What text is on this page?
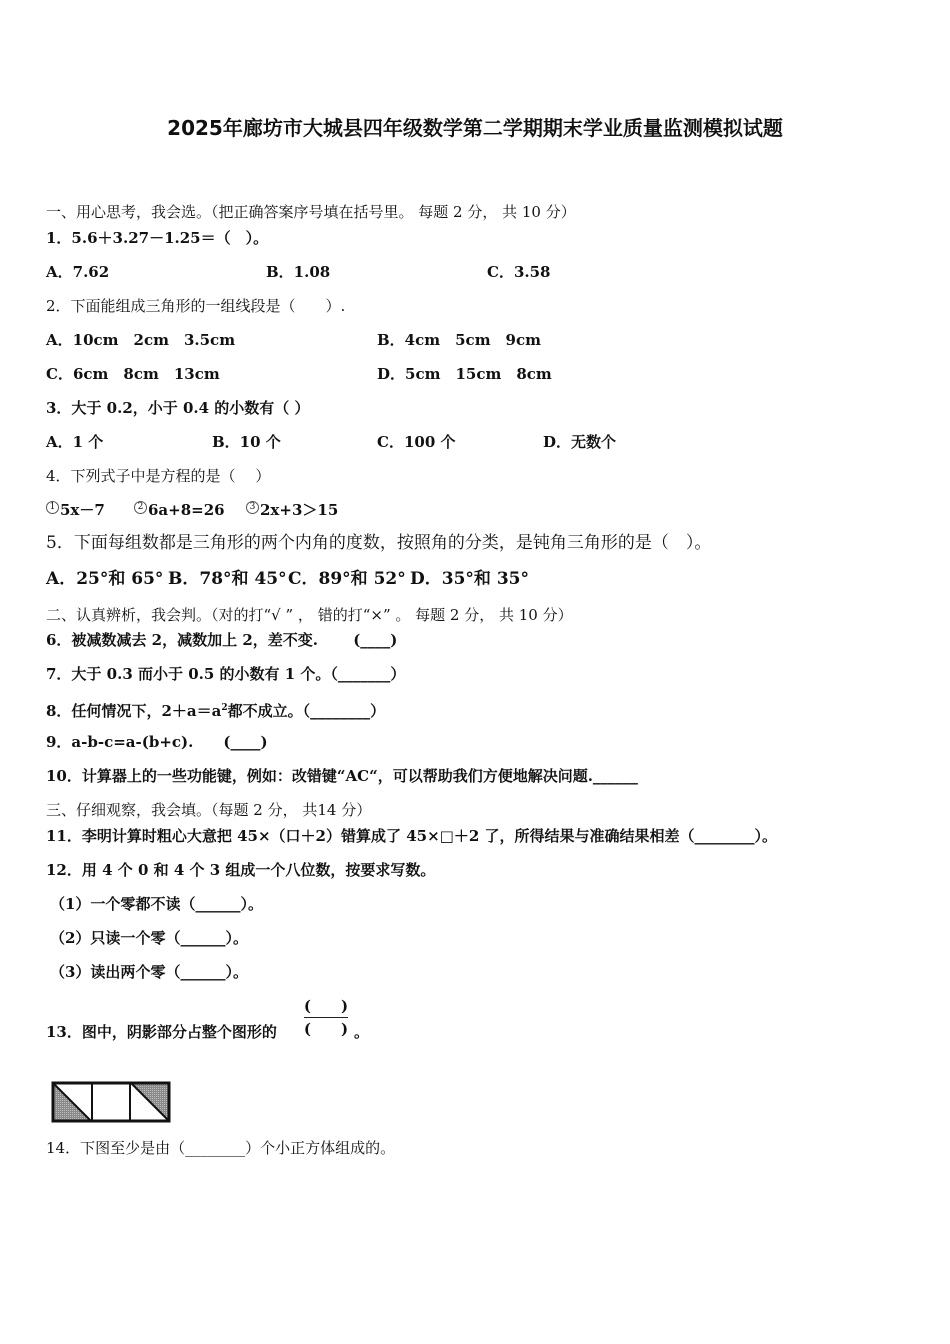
2025年廊坊市大城县四年级数学第二学期期末学业质量监测模拟试题
一、用心思考，我会选。（把正确答案序号填在括号里。 每题 2 分， 共 10 分）
1．5.6＋3.27－1.25＝（　）。
A．7.62	B．1.08	C．3.58
2．下面能组成三角形的一组线段是（　　）.
A．10cm　2cm　3.5cm	B．4cm　5cm　9cm
C．6cm　8cm　13cm	D．5cm　15cm　8cm
3．大于 0.2，小于 0.4 的小数有（ ）
A．1 个	B．10 个	C．100 个	D．无数个
4．下列式子中是方程的是（　 ）
1 5x－7	2 6a+8=26	3 2x+3＞15
5．下面每组数都是三角形的两个内角的度数，按照角的分类，是钝角三角形的是（　）。
A．25°和 65° B．78°和 45° C．89°和 52° D．35°和 35°
二、认真辨析，我会判。（对的打“√ ” ， 错的打“×” 。 每题 2 分， 共 10 分）
6．被减数减去 2，减数加上 2，差不变.　　 (____)
7．大于 0.3 而小于 0.5 的小数有 1 个。（_______）
8．任何情况下，$2+a=a^2$都不成立。（________）
9．a-b-c=a-(b+c).　　(____)
10．计算器上的一些功能键，例如：改错键“AC“，可以帮助我们方便地解决问题.______
三、仔细观察，我会填。（每题 2 分， 共14 分）
11．李明计算时粗心大意把 45×（口＋2）错算成了 45×□＋2 了，所得结果与准确结果相差（________）。
12．用 4 个 0 和 4 个 3 组成一个八位数，按要求写数。
（1）一个零都不读（______）。
（2）只读一个零（______）。
（3）读出两个零（______）。
13．图中，阴影部分占整个图形的
(　　)
(　　) 。
14．下图至少是由（________）个小正方体组成的。
